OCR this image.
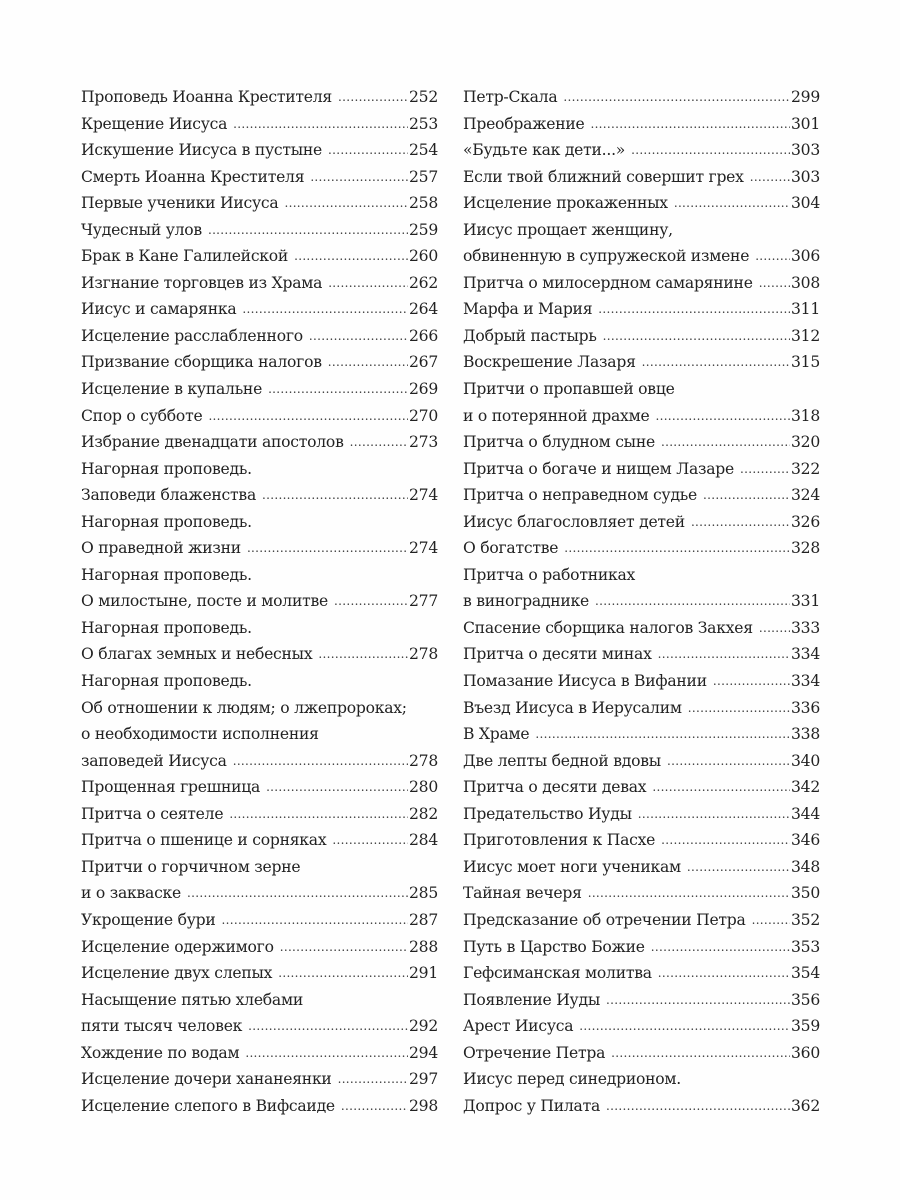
Проповедь Иоанна Крестителя .....	252
Крещение Иисуса .....	253
Искушение Иисуса в пустыне .....	254
Смерть Иоанна Крестителя .....	257
Первые ученики Иисуса .....	258
Чудесный улов .....	259
Брак в Кане Галилейской .....	260
Изгнание торговцев из Храма .....	262
Иисус и самарянка .....	264
Исцеление расслабленного .....	266
Призвание сборщика налогов .....	267
Исцеление в купальне .....	269
Спор о субботе .....	270
Избрание двенадцати апостолов .....	273
Нагорная проповедь.
Заповеди блаженства .....	274
Нагорная проповедь.
О праведной жизни .....	274
Нагорная проповедь.
О милостыне, посте и молитве .....	277
Нагорная проповедь.
О благах земных и небесных .....	278
Нагорная проповедь.
Об отношении к людям; о лжепророках;
о необходимости исполнения
заповедей Иисуса .....	278
Прощенная грешница .....	280
Притча о сеятеле .....	282
Притча о пшенице и сорняках .....	284
Притчи о горчичном зерне
и о закваске .....	285
Укрощение бури .....	287
Исцеление одержимого .....	288
Исцеление двух слепых .....	291
Насыщение пятью хлебами
пяти тысяч человек .....	292
Хождение по водам .....	294
Исцеление дочери хананеянки .....	297
Исцеление слепого в Вифсаиде .....	298
Петр-Скала .....	299
Преображение .....	301
«Будьте как дети...» .....	303
Если твой ближний совершит грех .....	303
Исцеление прокаженных .....	304
Иисус прощает женщину,
обвиненную в супружеской измене .....	306
Притча о милосердном самарянине ..... 308
Марфа и Мария .....	311
Добрый пастырь .....	312
Воскрешение Лазаря .....	315
Притчи о пропавшей овце
и о потерянной драхме .....	318
Притча о блудном сыне .....	320
Притча о богаче и нищем Лазаре .....	322
Притча о неправедном судье .....	324
Иисус благословляет детей .....	326
О богатстве .....	328
Притча о работниках
в винограднике .....	331
Спасение сборщика налогов Закхея ..... 333
Притча о десяти минах .....	334
Помазание Иисуса в Вифании .....	334
Въезд Иисуса в Иерусалим .....	336
В Храме .....	338
Две лепты бедной вдовы .....	340
Притча о десяти девах .....	342
Предательство Иуды .....	344
Приготовления к Пасхе .....	346
Иисус моет ноги ученикам .....	348
Тайная вечеря .....	350
Предсказание об отречении Петра .....	352
Путь в Царство Божие .....	353
Гефсиманская молитва .....	354
Появление Иуды .....	356
Арест Иисуса .....	359
Отречение Петра .....	360
Иисус перед синедрионом.
Допрос у Пилата .....	362
